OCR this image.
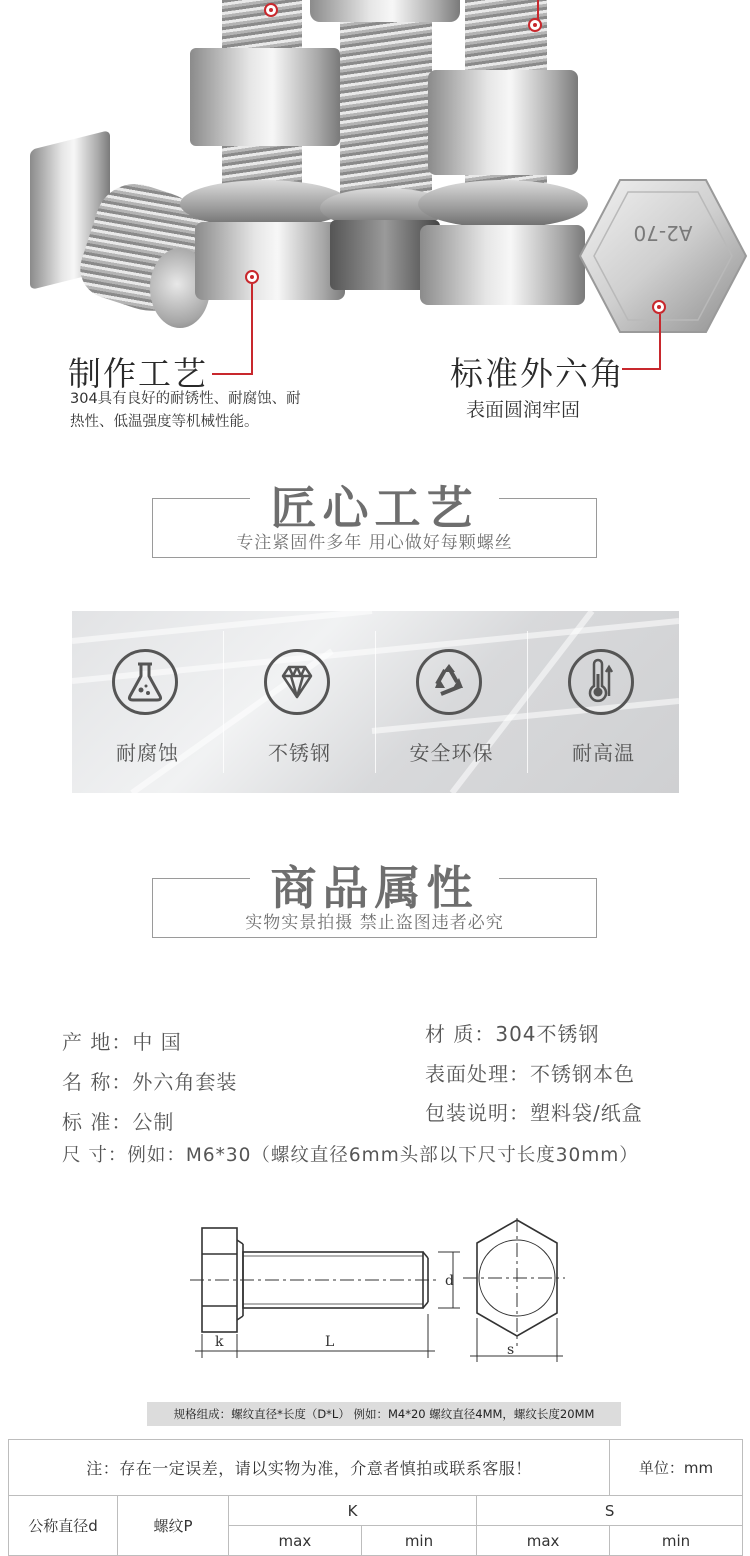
A2-70
制作工艺
304具有良好的耐锈性、耐腐蚀、耐
热性、低温强度等机械性能。
标准外六角
表面圆润牢固
匠心工艺
专注紧固件多年 用心做好每颗螺丝
耐腐蚀	不锈钢	安全环保	耐高温
商品属性
实物实景拍摄 禁止盗图违者必究
产 地：中 国
名 称：外六角套装
标 准：公制
尺 寸：例如：M6*30（螺纹直径6mm头部以下尺寸长度30mm）
材 质：304不锈钢
表面处理：不锈钢本色
包装说明：塑料袋/纸盒
k	L
d
s
规格组成：螺纹直径*长度（D*L） 例如：M4*20 螺纹直径4MM，螺纹长度20MM
注：存在一定误差，请以实物为准，介意者慎拍或联系客服！					单位：mm
公称直径d	螺纹P	K		S	
		max	min	max	min
